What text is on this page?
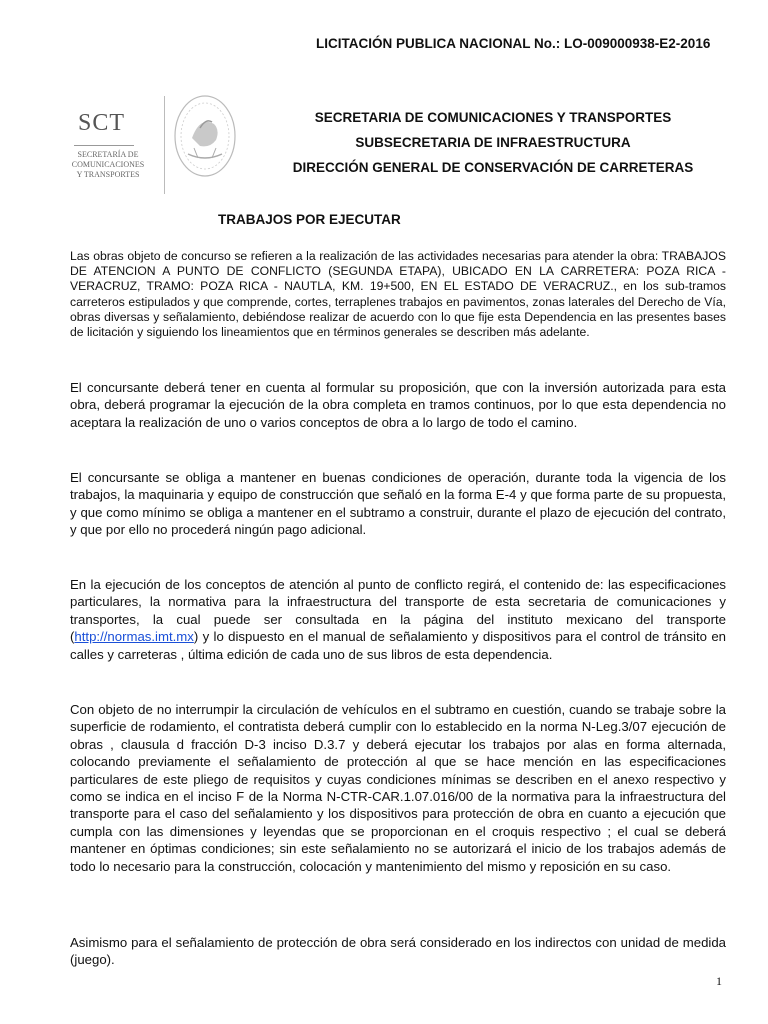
LICITACIÓN PUBLICA NACIONAL No.: LO-009000938-E2-2016
SCT
SECRETARÍA DE
COMUNICACIONES
Y TRANSPORTES
SECRETARIA DE COMUNICACIONES Y TRANSPORTES
SUBSECRETARIA DE INFRAESTRUCTURA
DIRECCIÓN GENERAL DE CONSERVACIÓN DE CARRETERAS
TRABAJOS POR EJECUTAR
Las obras objeto de concurso se refieren a la realización de las actividades necesarias para atender la obra: TRABAJOS DE ATENCION A PUNTO DE CONFLICTO (SEGUNDA ETAPA), UBICADO EN LA CARRETERA: POZA RICA - VERACRUZ, TRAMO: POZA RICA - NAUTLA, KM. 19+500, EN EL ESTADO DE VERACRUZ., en los sub-tramos carreteros estipulados y que comprende, cortes, terraplenes trabajos en pavimentos, zonas laterales del Derecho de Vía, obras diversas y señalamiento, debiéndose realizar de acuerdo con lo que fije esta Dependencia en las presentes bases de licitación y siguiendo los lineamientos que en términos generales se describen más adelante.
El concursante deberá tener en cuenta al formular su proposición, que con la inversión autorizada para esta obra, deberá programar la ejecución de la obra completa en tramos continuos, por lo que esta dependencia no aceptara la realización de uno o varios conceptos de obra a lo largo de todo el camino.
El concursante se obliga a mantener en buenas condiciones de operación, durante toda la vigencia de los trabajos, la maquinaria y equipo de construcción que señaló en la forma E-4 y que forma parte de su propuesta, y que como mínimo se obliga a mantener en el subtramo a construir, durante el plazo de ejecución del contrato, y que por ello no procederá ningún pago adicional.
En la ejecución de los conceptos de atención al punto de conflicto regirá, el contenido de: las especificaciones particulares, la normativa para la infraestructura del transporte de esta secretaria de comunicaciones y transportes, la cual puede ser consultada en la página del instituto mexicano del transporte (http://normas.imt.mx) y lo dispuesto en el manual de señalamiento y dispositivos para el control de tránsito en calles y carreteras , última edición de cada uno de sus libros de esta dependencia.
Con objeto de no interrumpir la circulación de vehículos en el subtramo en cuestión, cuando se trabaje sobre la superficie de rodamiento, el contratista deberá cumplir con lo establecido en la norma N-Leg.3/07 ejecución de obras , clausula d fracción D-3 inciso D.3.7 y deberá ejecutar los trabajos por alas en forma alternada, colocando previamente el señalamiento de protección al que se hace mención en las especificaciones particulares de este pliego de requisitos y cuyas condiciones mínimas se describen en el anexo respectivo y como se indica en el inciso F de la Norma N-CTR-CAR.1.07.016/00 de la normativa para la infraestructura del transporte para el caso del señalamiento y los dispositivos para protección de obra en cuanto a ejecución que cumpla con las dimensiones y leyendas que se proporcionan en el croquis respectivo ; el cual se deberá mantener en óptimas condiciones; sin este señalamiento no se autorizará el inicio de los trabajos además de todo lo necesario para la construcción, colocación y mantenimiento del mismo y reposición en su caso.
Asimismo para el señalamiento de protección de obra será considerado en los indirectos con unidad de medida (juego).
1
